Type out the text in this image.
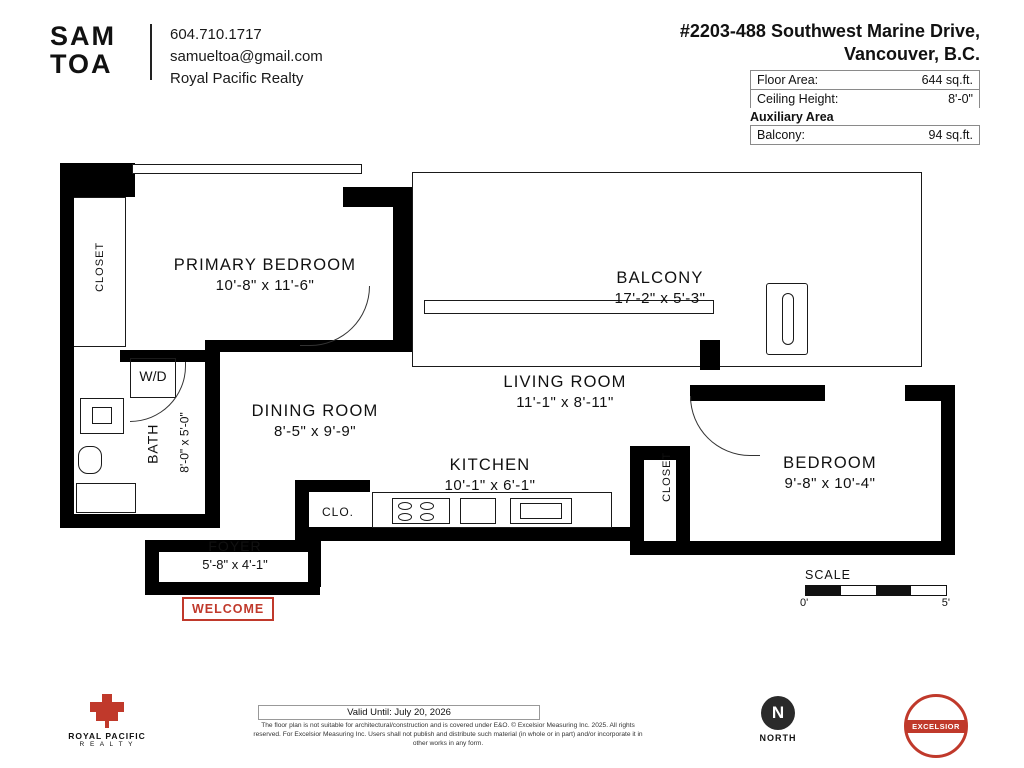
SAM
TOA
604.710.1717
samueltoa@gmail.com
Royal Pacific Realty
#2203-488 Southwest Marine Drive,
Vancouver, B.C.
Floor Area:	644 sq.ft.
Ceiling Height:	8'-0"
Auxiliary Area
Balcony:	94 sq.ft.
PRIMARY BEDROOM
10'-8" x 11'-6"	BALCONY
17'-2" x 5'-3"
LIVING ROOM
11'-1" x 8'-11"
DINING ROOM
8'-5" x 9'-9"
KITCHEN
10'-1" x 6'-1"
BEDROOM
9'-8" x 10'-4"
FOYER
5'-8" x 4'-1"
CLOSET
CLOSET
W/D
BATH 8'-0" x 5'-0"
CLO.
WELCOME
SCALE
0'	5'
Valid Until: July 20, 2026
The floor plan is not suitable for architectural/construction and is covered under E&O. © Excelsior Measuring Inc. 2025. All rights reserved. For Excelsior Measuring Inc. Users shall not publish and distribute such material (in whole or in part) and/or incorporate it in other works in any form.
ROYAL PACIFIC
R E A L T Y
N
NORTH
EXCELSIOR
